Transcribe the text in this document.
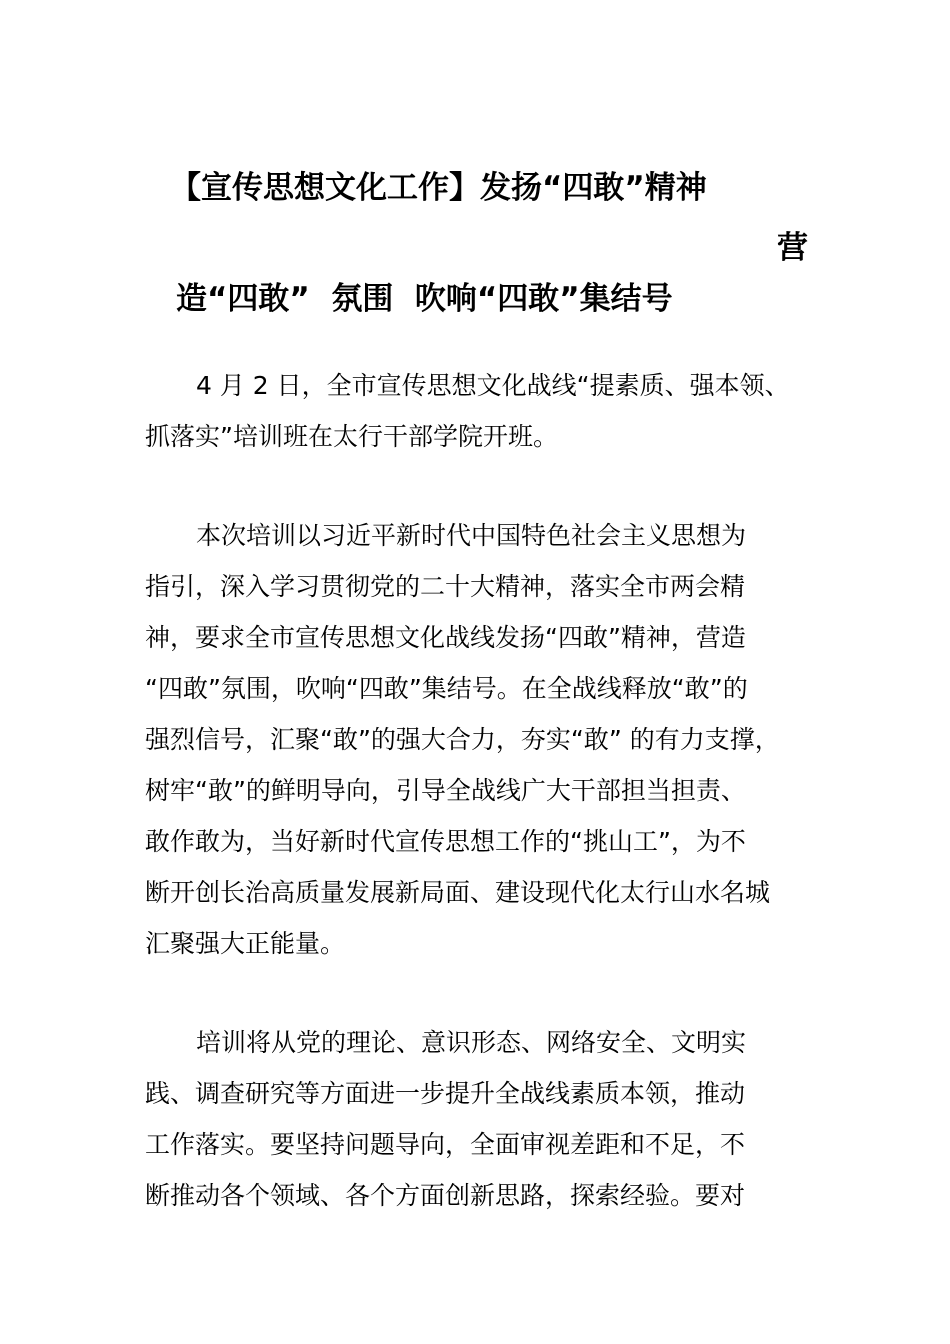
【宣传思想文化工作】发扬“四敢”精神
营
造“四敢”  氛围  吹响“四敢”集结号
4 月 2 日，全市宣传思想文化战线“提素质、强本领、
抓落实”培训班在太行干部学院开班。
本次培训以习近平新时代中国特色社会主义思想为
指引，深入学习贯彻党的二十大精神，落实全市两会精
神，要求全市宣传思想文化战线发扬“四敢”精神，营造
“四敢”氛围，吹响“四敢”集结号。在全战线释放“敢”的
强烈信号，汇聚“敢”的强大合力，夯实“敢” 的有力支撑，
树牢“敢”的鲜明导向，引导全战线广大干部担当担责、
敢作敢为，当好新时代宣传思想工作的“挑山工”，为不
断开创长治高质量发展新局面、建设现代化太行山水名城
汇聚强大正能量。
培训将从党的理论、意识形态、网络安全、文明实
践、调查研究等方面进一步提升全战线素质本领，推动
工作落实。要坚持问题导向，全面审视差距和不足，不
断推动各个领域、各个方面创新思路，探索经验。要对
